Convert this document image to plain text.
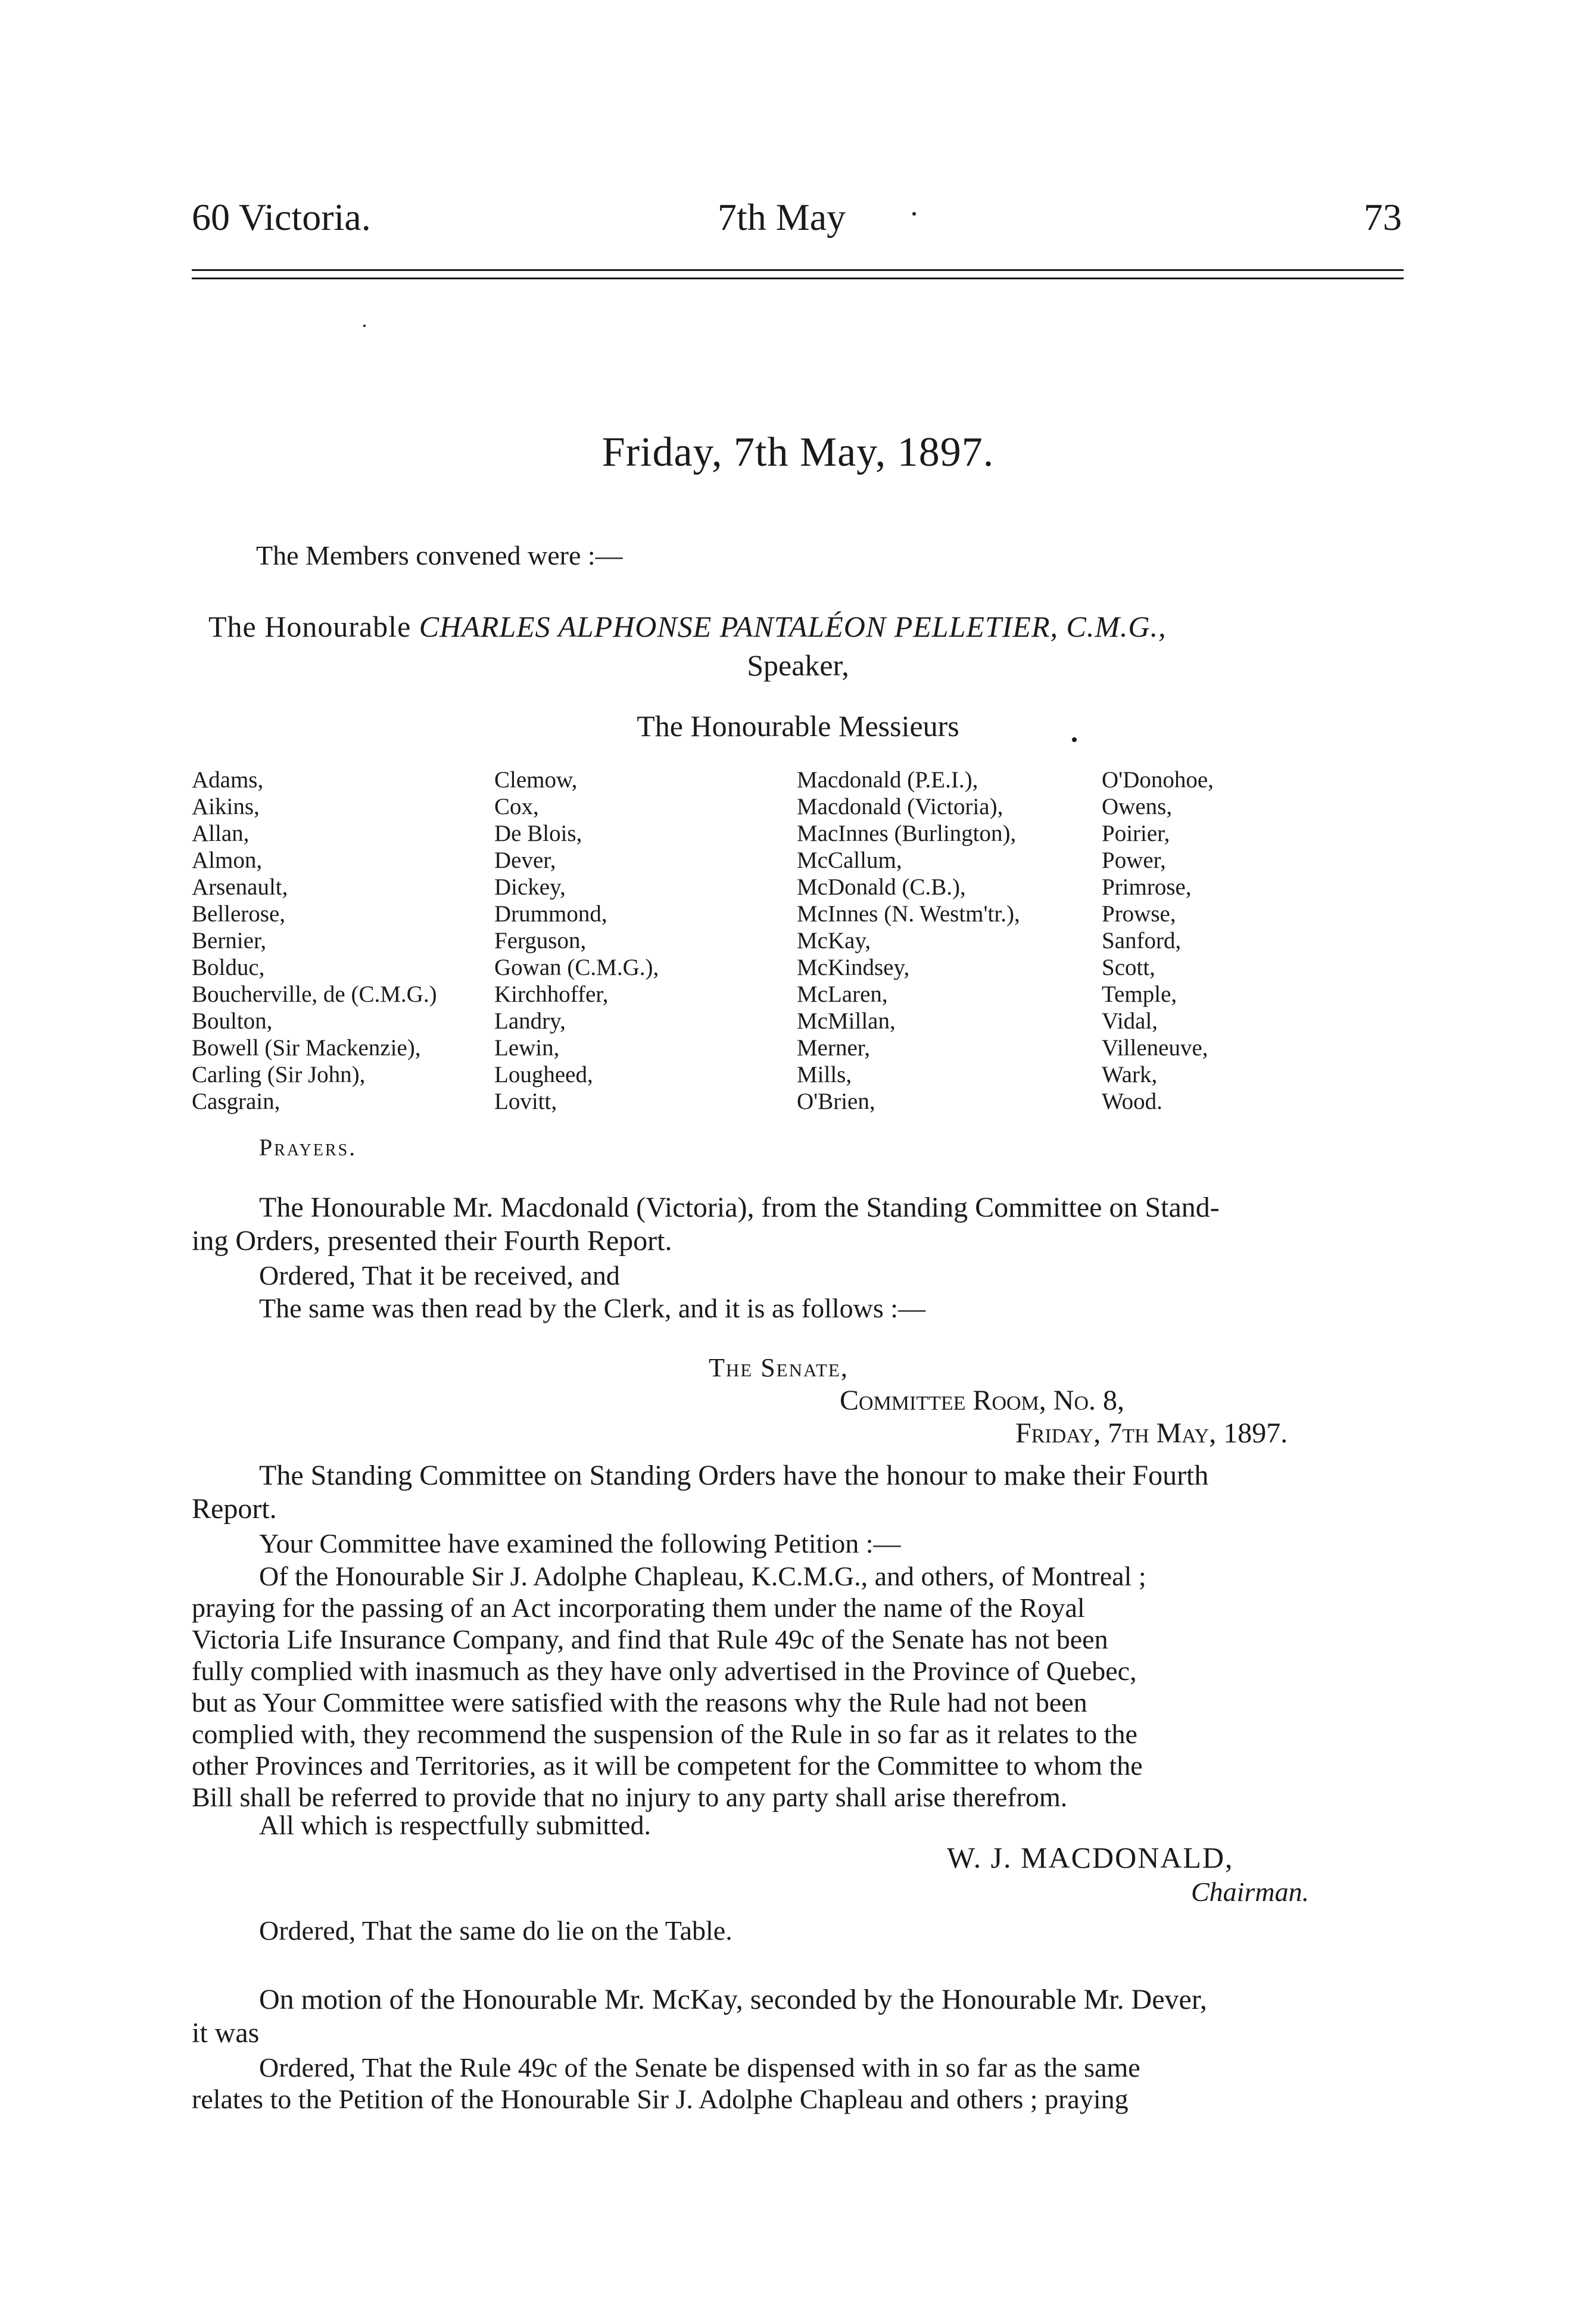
60 Victoria.	7th May	73
Friday, 7th May, 1897.
The Members convened were :—
The Honourable CHARLES ALPHONSE PANTALÉON PELLETIER, C.M.G.,
Speaker,
The Honourable Messieurs
Adams,
Aikins,
Allan,
Almon,
Arsenault,
Bellerose,
Bernier,
Bolduc,
Boucherville, de (C.M.G.)
Boulton,
Bowell (Sir Mackenzie),
Carling (Sir John),
Casgrain,
Clemow,
Cox,
De Blois,
Dever,
Dickey,
Drummond,
Ferguson,
Gowan (C.M.G.),
Kirchhoffer,
Landry,
Lewin,
Lougheed,
Lovitt,
Macdonald (P.E.I.),
Macdonald (Victoria),
MacInnes (Burlington),
McCallum,
McDonald (C.B.),
McInnes (N. Westm'tr.),
McKay,
McKindsey,
McLaren,
McMillan,
Merner,
Mills,
O'Brien,
O'Donohoe,
Owens,
Poirier,
Power,
Primrose,
Prowse,
Sanford,
Scott,
Temple,
Vidal,
Villeneuve,
Wark,
Wood.
Prayers.
The Honourable Mr. Macdonald (Victoria), from the Standing Committee on Stand-
ing Orders, presented their Fourth Report.
Ordered, That it be received, and
The same was then read by the Clerk, and it is as follows :—
The Senate,
Committee Room, No. 8,
Friday, 7th May, 1897.
The Standing Committee on Standing Orders have the honour to make their Fourth
Report.
Your Committee have examined the following Petition :—
Of the Honourable Sir J. Adolphe Chapleau, K.C.M.G., and others, of Montreal ;
praying for the passing of an Act incorporating them under the name of the Royal
Victoria Life Insurance Company, and find that Rule 49c of the Senate has not been
fully complied with inasmuch as they have only advertised in the Province of Quebec,
but as Your Committee were satisfied with the reasons why the Rule had not been
complied with, they recommend the suspension of the Rule in so far as it relates to the
other Provinces and Territories, as it will be competent for the Committee to whom the
Bill shall be referred to provide that no injury to any party shall arise therefrom.
All which is respectfully submitted.
W. J. MACDONALD,
Chairman.
Ordered, That the same do lie on the Table.
On motion of the Honourable Mr. McKay, seconded by the Honourable Mr. Dever,
it was
Ordered, That the Rule 49c of the Senate be dispensed with in so far as the same
relates to the Petition of the Honourable Sir J. Adolphe Chapleau and others ; praying
